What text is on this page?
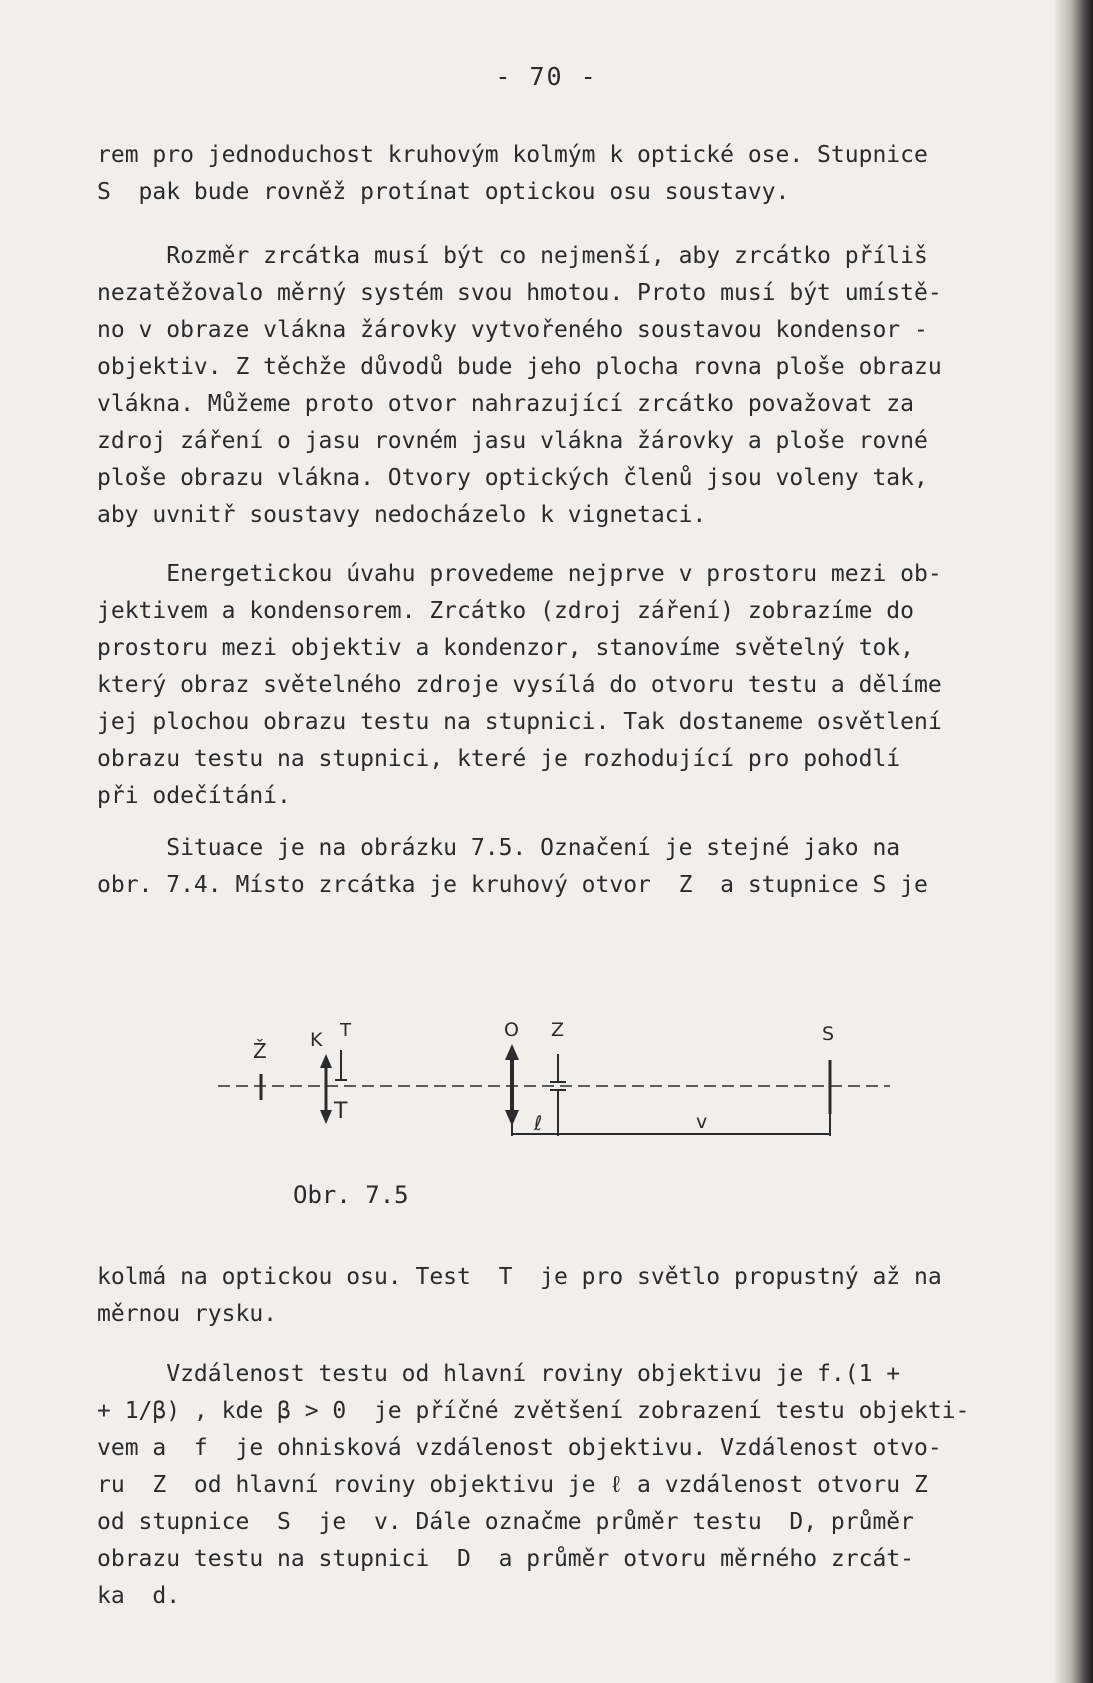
- 70 -
rem pro jednoduchost kruhovým kolmým k optické ose. Stupnice
S  pak bude rovněž protínat optickou osu soustavy.
Rozměr zrcátka musí být co nejmenší, aby zrcátko příliš
nezatěžovalo měrný systém svou hmotou. Proto musí být umístě-
no v obraze vlákna žárovky vytvořeného soustavou kondensor -
objektiv. Z těchže důvodů bude jeho plocha rovna ploše obrazu
vlákna. Můžeme proto otvor nahrazující zrcátko považovat za
zdroj záření o jasu rovném jasu vlákna žárovky a ploše rovné
ploše obrazu vlákna. Otvory optických členů jsou voleny tak,
aby uvnitř soustavy nedocházelo k vignetaci.
Energetickou úvahu provedeme nejprve v prostoru mezi ob-
jektivem a kondensorem. Zrcátko (zdroj záření) zobrazíme do
prostoru mezi objektiv a kondenzor, stanovíme světelný tok,
který obraz světelného zdroje vysílá do otvoru testu a dělíme
jej plochou obrazu testu na stupnici. Tak dostaneme osvětlení
obrazu testu na stupnici, které je rozhodující pro pohodlí
při odečítání.
Situace je na obrázku 7.5. Označení je stejné jako na
obr. 7.4. Místo zrcátka je kruhový otvor  Z  a stupnice S je
Ž K T
T
O Z	S
ℓ	v
Obr. 7.5
kolmá na optickou osu. Test  T  je pro světlo propustný až na
měrnou rysku.
Vzdálenost testu od hlavní roviny objektivu je f.(1 +
+ 1/β) , kde β > 0  je příčné zvětšení zobrazení testu objekti-
vem a  f  je ohnisková vzdálenost objektivu. Vzdálenost otvo-
ru  Z  od hlavní roviny objektivu je ℓ a vzdálenost otvoru Z
od stupnice  S  je  v. Dále označme průměr testu  D, průměr
obrazu testu na stupnici  D  a průměr otvoru měrného zrcát-
ka  d.
